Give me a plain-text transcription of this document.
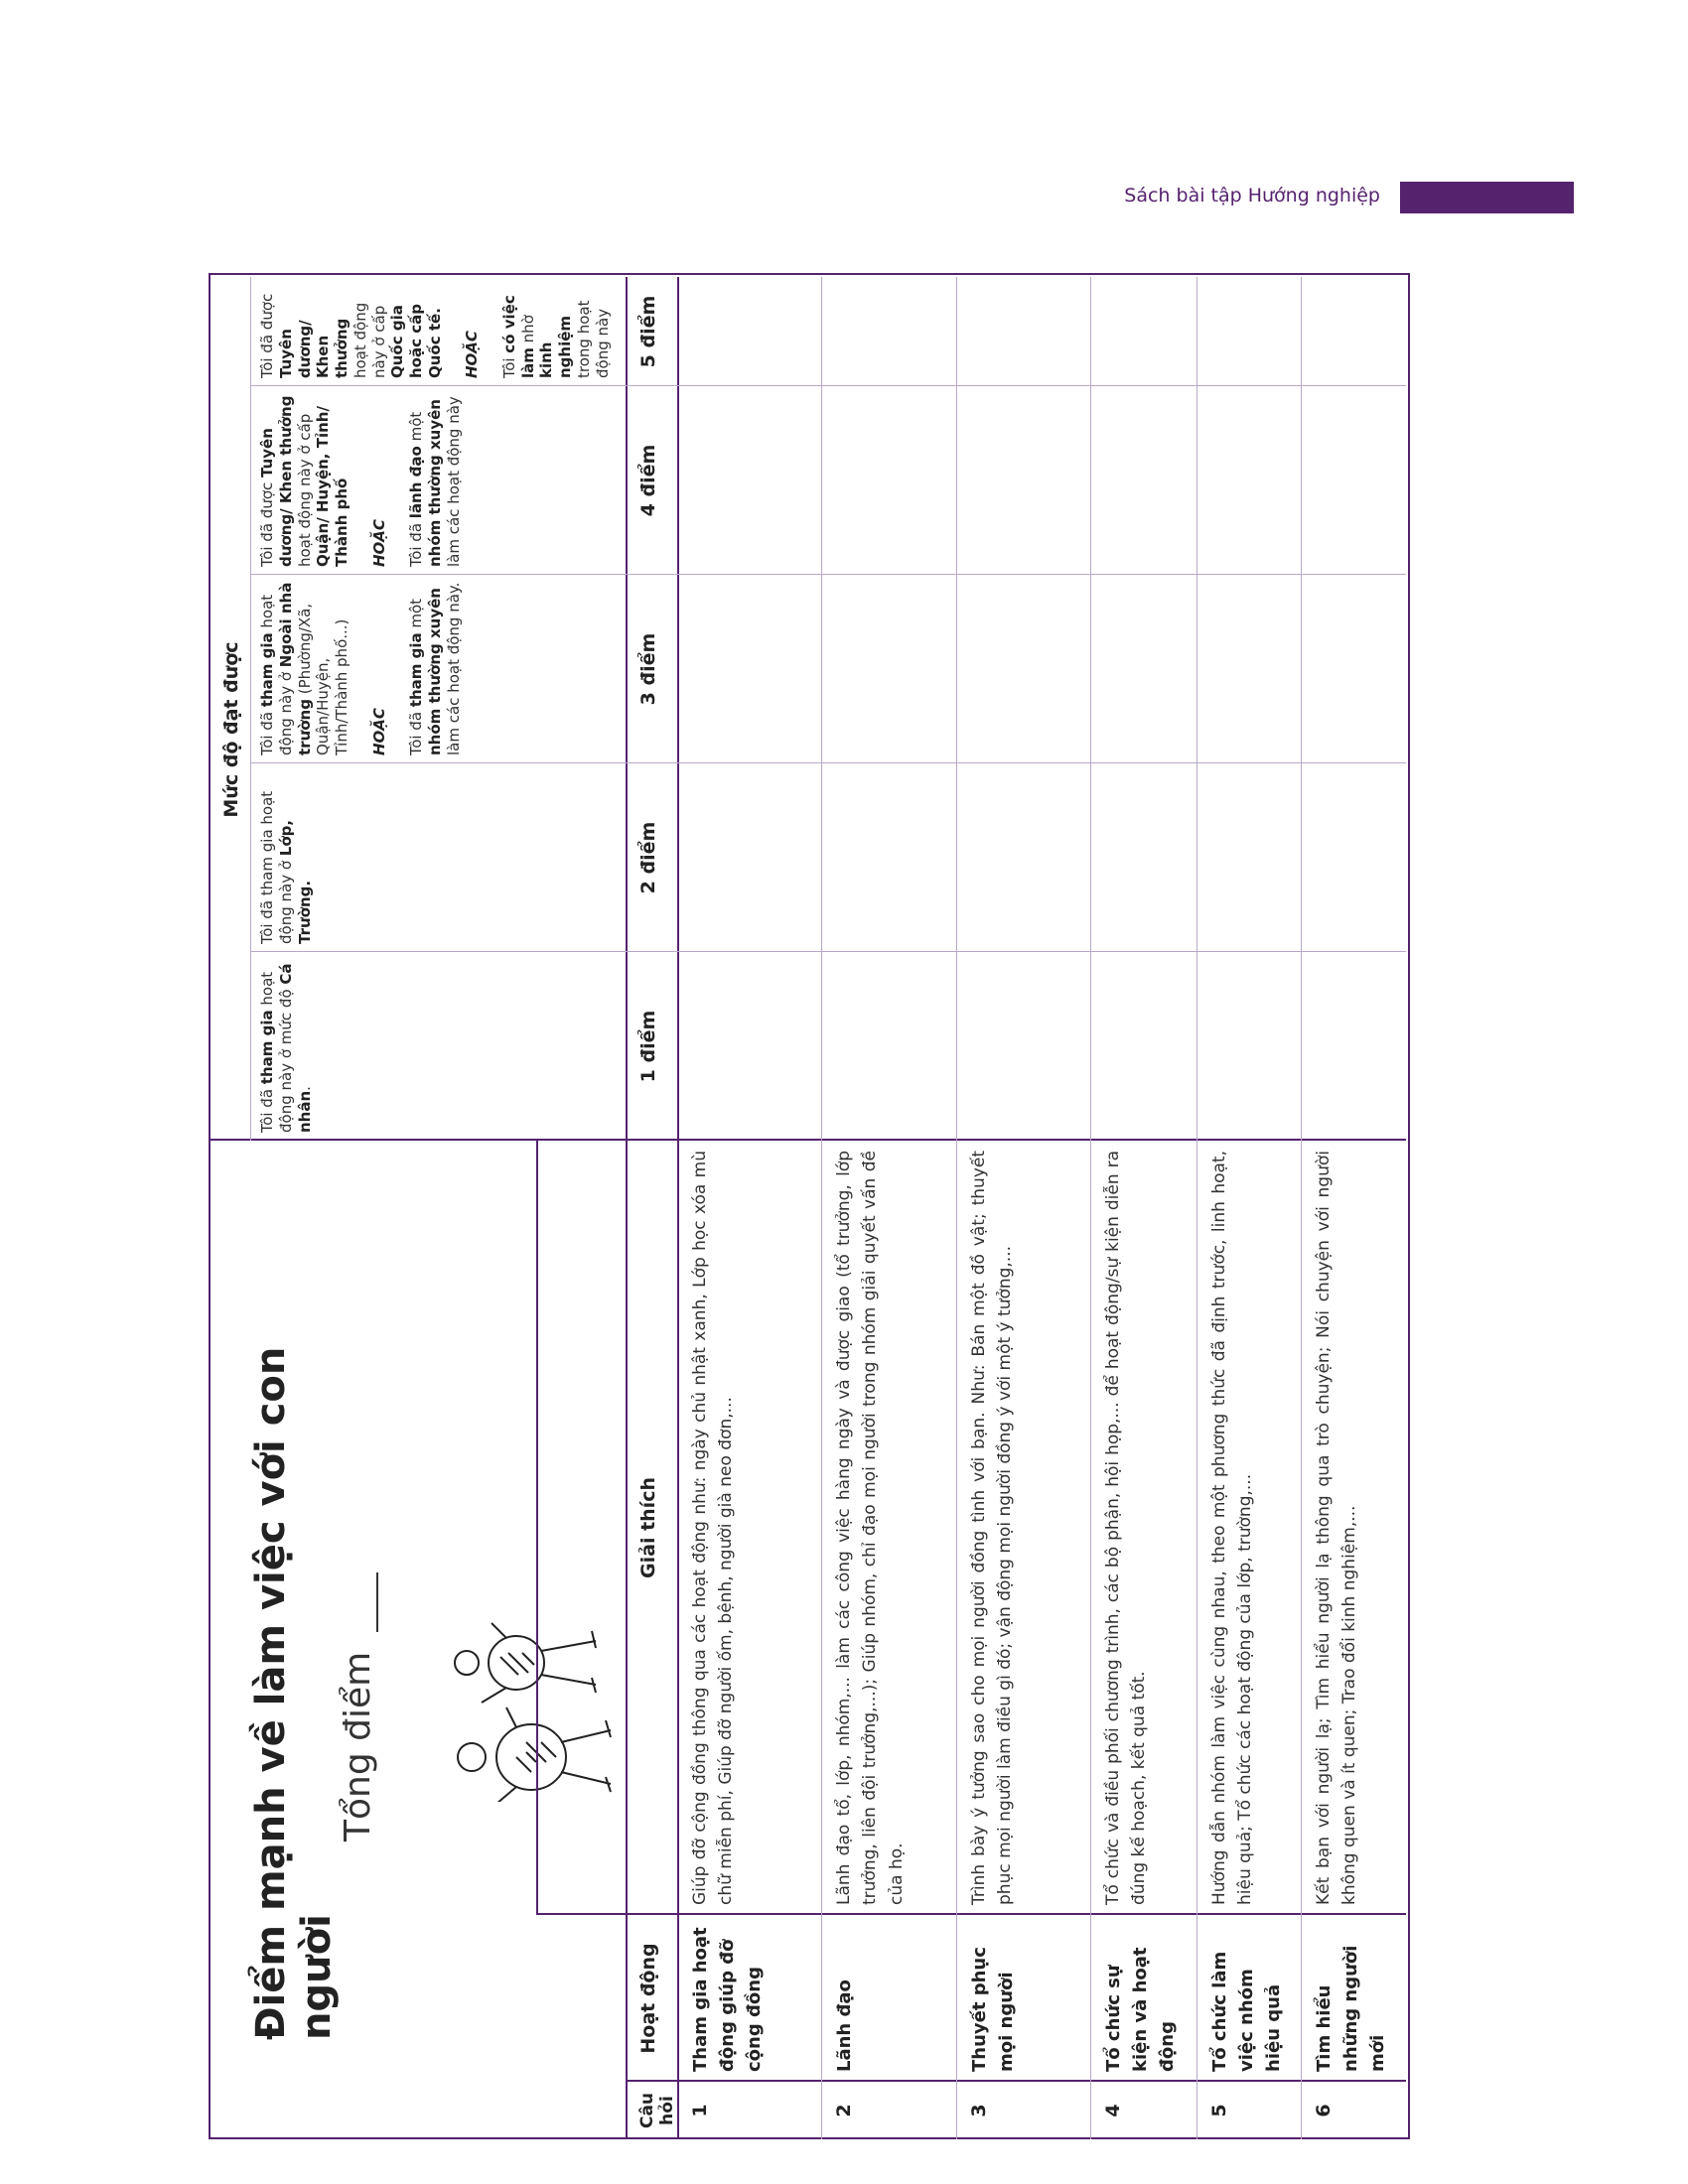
Sách bài tập Hướng nghiệp
Điểm mạnh về làm việc với con người
Tổng điểm
Mức độ đạt được
Tôi đã tham gia hoạt động này ở mức độ Cá nhân.
1 điểm
Tôi đã tham gia hoạt động này ở Lớp, Trường.
2 điểm
Tôi đã tham gia hoạt động này ở Ngoài nhà trường (Phường/Xã, Quận/Huyện, Tỉnh/Thành phố...) HOẶC Tôi đã tham gia một nhóm thường xuyên làm các hoạt động này.	3 điểm
Tôi đã được Tuyên dương/ Khen thưởng hoạt động này ở cấp Quận/ Huyện, Tỉnh/ Thành phố HOẶC Tôi đã lãnh đạo một nhóm thường xuyên làm các hoạt động này	4 điểm
Tôi đã được Tuyên dương/ Khen thưởng hoạt động này ở cấp Quốc gia hoặc cấp Quốc tế. HOẶC Tôi có việc làm nhờ kinh nghiệm trong hoạt động này 5 điểm
1
Tham gia hoạt động giúp đỡ cộng đồng
Giúp đỡ cộng đồng thông qua các hoạt động như: ngày chủ nhật xanh, Lớp học xóa mù chữ miễn phí, Giúp đỡ người ốm, bệnh, người già neo đơn,...
2
Lãnh đạo
Lãnh đạo tổ, lớp, nhóm,... làm các công việc hàng ngày và được giao (tổ trưởng, lớp trưởng, liên đội trưởng,...); Giúp nhóm, chỉ đạo mọi người trong nhóm giải quyết vấn đề của họ.
3
Thuyết phục mọi người
Trình bày ý tưởng sao cho mọi người đồng tình với bạn. Như: Bán một đồ vật; thuyết phục mọi người làm điều gì đó; vận động mọi người đồng ý với một ý tưởng,...
4
Tổ chức sự kiện và hoạt động
Tổ chức và điều phối chương trình, các bộ phận, hội họp,... để hoạt động/sự kiện diễn ra đúng kế hoạch, kết quả tốt.
5
Tổ chức làm việc nhóm hiệu quả
Hướng dẫn nhóm làm việc cùng nhau, theo một phương thức đã định trước, linh hoạt, hiệu quả; Tổ chức các hoạt động của lớp, trường,...
6
Tìm hiểu những người mới
Kết bạn với người lạ; Tìm hiểu người lạ thông qua trò chuyện; Nói chuyện với người không quen và ít quen; Trao đổi kinh nghiệm,...
Câu hỏi
Hoạt động
Giải thích
